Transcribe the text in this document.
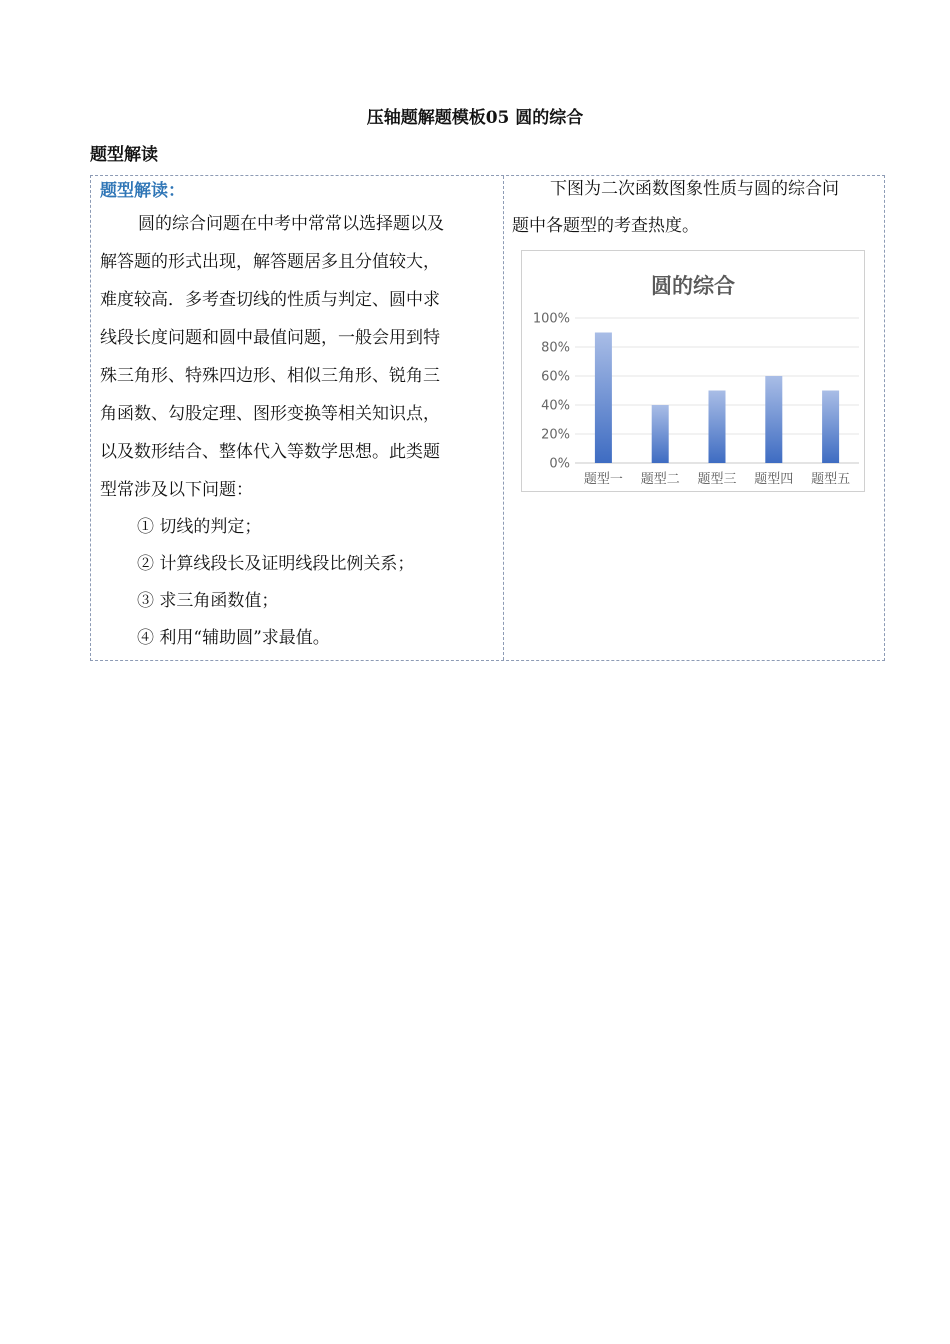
压轴题解题模板05 圆的综合
题型解读
题型解读：
圆的综合问题在中考中常常以选择题以及
解答题的形式出现，解答题居多且分值较大，
难度较高．多考查切线的性质与判定、圆中求
线段长度问题和圆中最值问题，一般会用到特
殊三角形、特殊四边形、相似三角形、锐角三
角函数、勾股定理、图形变换等相关知识点，
以及数形结合、整体代入等数学思想。此类题
型常涉及以下问题：
① 切线的判定；
② 计算线段长及证明线段比例关系；
③ 求三角函数值；
④ 利用“辅助圆”求最值。
下图为二次函数图象性质与圆的综合问
题中各题型的考查热度。
圆的综合
0%
20%
40%
60%
80%
100%
题型一 题型二 题型三 题型四 题型五
